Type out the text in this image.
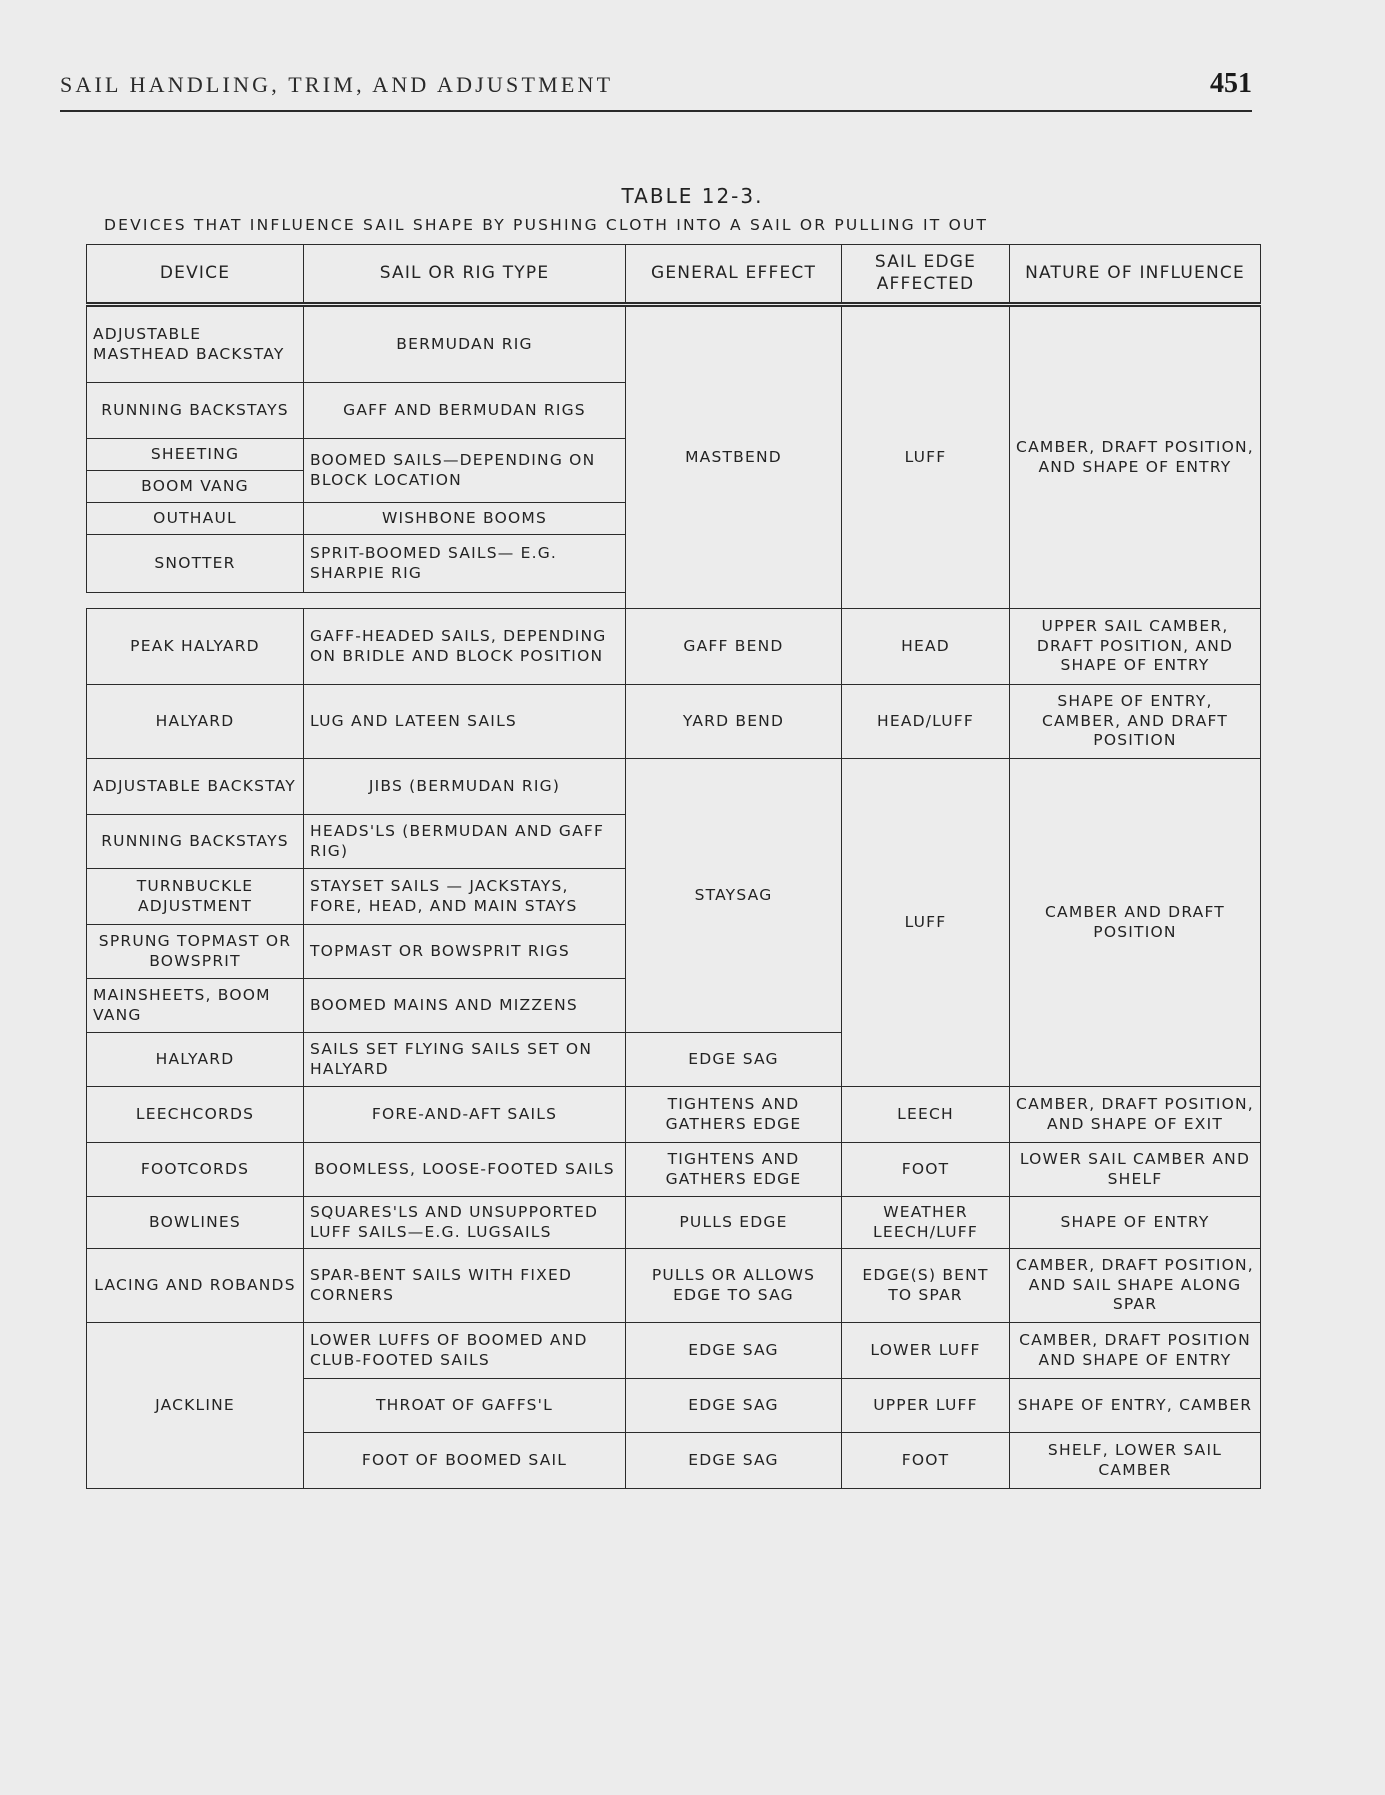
SAIL HANDLING, TRIM, AND ADJUSTMENT	451
TABLE 12-3.
DEVICES THAT INFLUENCE SAIL SHAPE BY PUSHING CLOTH INTO A SAIL OR PULLING IT OUT
DEVICE	SAIL OR RIG TYPE	GENERAL EFFECT	SAIL EDGE AFFECTED	NATURE OF INFLUENCE
ADJUSTABLE MASTHEAD BACKSTAY	BERMUDAN RIG	MASTBEND	LUFF	CAMBER, DRAFT POSITION, AND SHAPE OF ENTRY
RUNNING BACKSTAYS	GAFF AND BERMUDAN RIGS			
SHEETING	BOOMED SAILS—DEPENDING ON BLOCK LOCATION			
BOOM VANG				
OUTHAUL	WISHBONE BOOMS			
SNOTTER	SPRIT-BOOMED SAILS— E.G. SHARPIE RIG			

PEAK HALYARD	GAFF-HEADED SAILS, DEPENDING ON BRIDLE AND BLOCK POSITION	GAFF BEND	HEAD	UPPER SAIL CAMBER, DRAFT POSITION, AND SHAPE OF ENTRY
HALYARD	LUG AND LATEEN SAILS	YARD BEND	HEAD/LUFF	SHAPE OF ENTRY, CAMBER, AND DRAFT POSITION
ADJUSTABLE BACKSTAY	JIBS (BERMUDAN RIG)	STAYSAG	LUFF	CAMBER AND DRAFT POSITION
RUNNING BACKSTAYS	HEADS'LS (BERMUDAN AND GAFF RIG)			
TURNBUCKLE ADJUSTMENT	STAYSET SAILS — JACKSTAYS, FORE, HEAD, AND MAIN STAYS			
SPRUNG TOPMAST OR BOWSPRIT	TOPMAST OR BOWSPRIT RIGS			
MAINSHEETS, BOOM VANG	BOOMED MAINS AND MIZZENS			
HALYARD	SAILS SET FLYING SAILS SET ON HALYARD	EDGE SAG		
LEECHCORDS	FORE-AND-AFT SAILS	TIGHTENS AND GATHERS EDGE	LEECH	CAMBER, DRAFT POSITION, AND SHAPE OF EXIT
FOOTCORDS	BOOMLESS, LOOSE-FOOTED SAILS	TIGHTENS AND GATHERS EDGE	FOOT	LOWER SAIL CAMBER AND SHELF
BOWLINES	SQUARES'LS AND UNSUPPORTED LUFF SAILS—E.G. LUGSAILS	PULLS EDGE	WEATHER LEECH/LUFF	SHAPE OF ENTRY
LACING AND ROBANDS	SPAR-BENT SAILS WITH FIXED CORNERS	PULLS OR ALLOWS EDGE TO SAG	EDGE(S) BENT TO SPAR	CAMBER, DRAFT POSITION, AND SAIL SHAPE ALONG SPAR
JACKLINE	LOWER LUFFS OF BOOMED AND CLUB-FOOTED SAILS	EDGE SAG	LOWER LUFF	CAMBER, DRAFT POSITION AND SHAPE OF ENTRY
	THROAT OF GAFFS'L	EDGE SAG	UPPER LUFF	SHAPE OF ENTRY, CAMBER
	FOOT OF BOOMED SAIL	EDGE SAG	FOOT	SHELF, LOWER SAIL CAMBER
